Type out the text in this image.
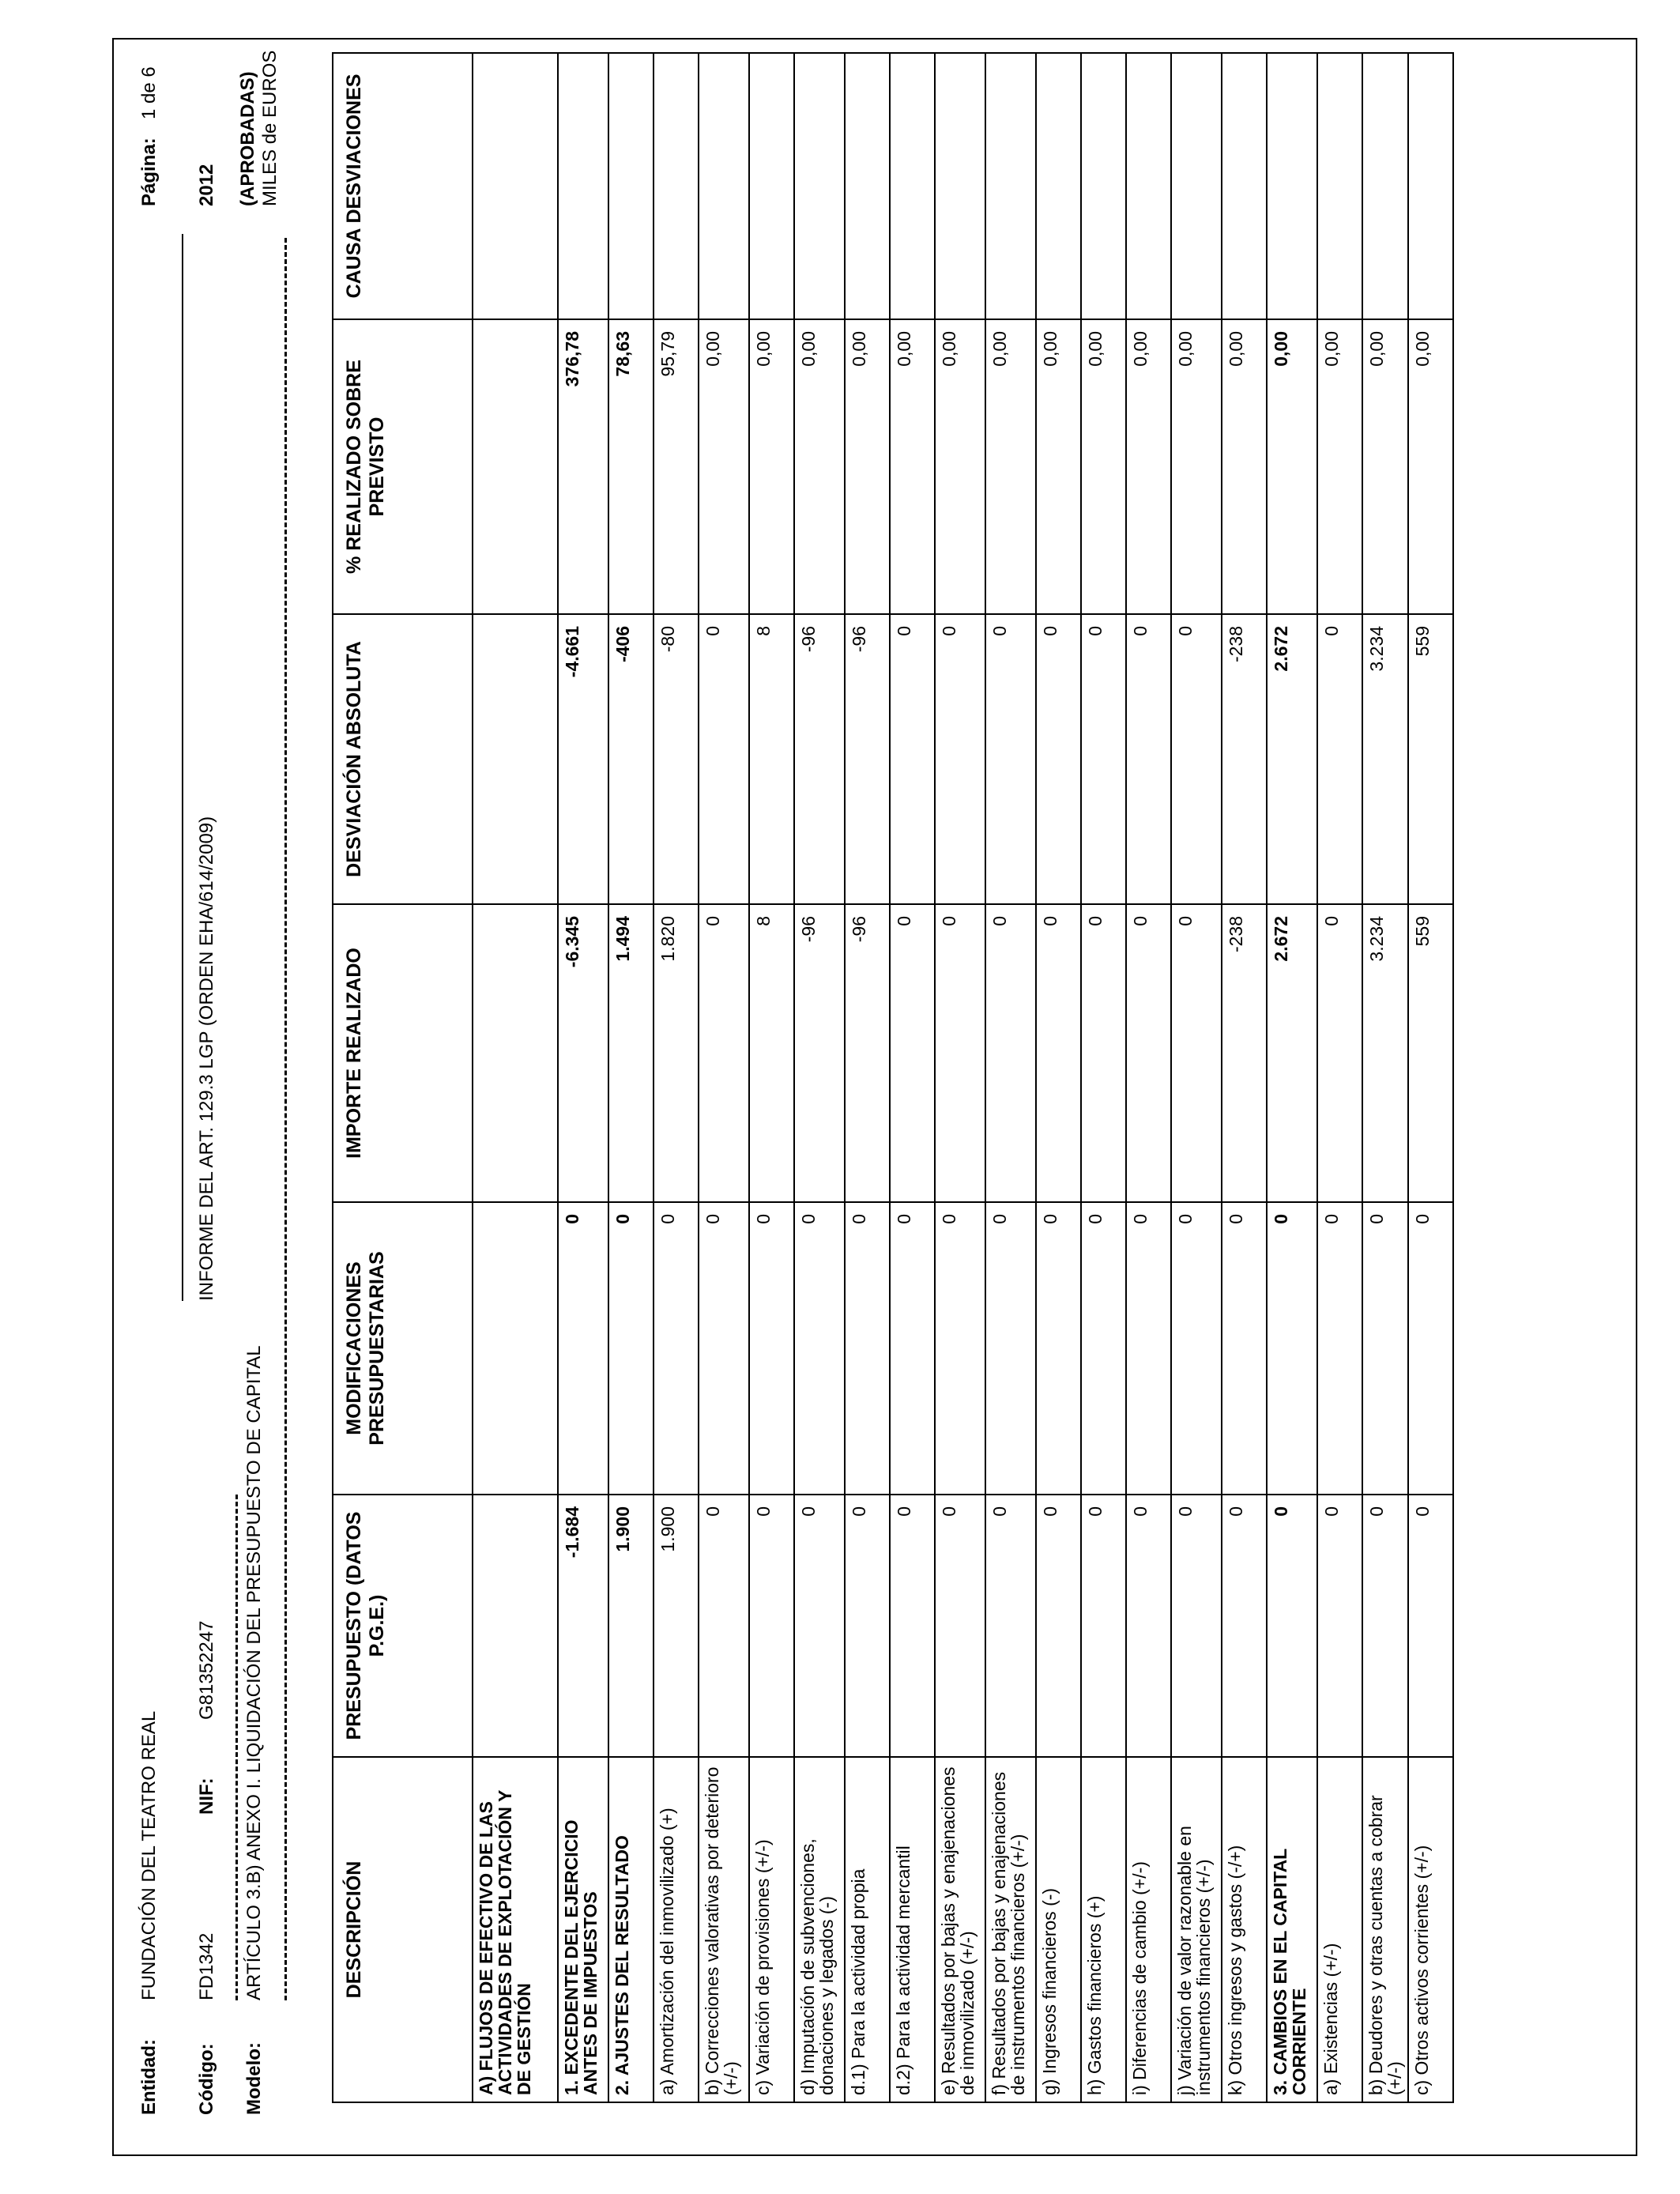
Entidad:
FUNDACIÓN DEL TEATRO REAL
Código:
FD1342
NIF:
G81352247
INFORME DEL ART. 129.3 LGP (ORDEN EHA/614/2009)
Modelo:
ARTÍCULO 3.B) ANEXO I. LIQUIDACIÓN DEL PRESUPUESTO DE CAPITAL
Página:
1 de 6
2012 (APROBADAS) MILES de EUROS
DESCRIPCIÓN	PRESUPUESTO (DATOS P.G.E.)	MODIFICACIONES PRESUPUESTARIAS	IMPORTE REALIZADO	DESVIACIÓN ABSOLUTA	% REALIZADO SOBRE PREVISTO	CAUSA DESVIACIONES
A) FLUJOS DE EFECTIVO DE LAS ACTIVIDADES DE EXPLOTACIÓN Y DE GESTIÓN						
1. EXCEDENTE DEL EJERCICIO ANTES DE IMPUESTOS	-1.684	0	-6.345	-4.661	376,78	
2. AJUSTES DEL RESULTADO	1.900	0	1.494	-406	78,63	
a) Amortización del inmovilizado (+)	1.900	0	1.820	-80	95,79	
b) Correcciones valorativas por deterioro (+/-)	0	0	0	0	0,00	
c) Variación de provisiones (+/-)	0	0	8	8	0,00	
d) Imputación de subvenciones, donaciones y legados (-)	0	0	-96	-96	0,00	
d.1) Para la actividad propia	0	0	-96	-96	0,00	
d.2) Para la actividad mercantil	0	0	0	0	0,00	
e) Resultados por bajas y enajenaciones de inmovilizado (+/-)	0	0	0	0	0,00	
f) Resultados por bajas y enajenaciones de instrumentos financieros (+/-)	0	0	0	0	0,00	
g) Ingresos financieros (-)	0	0	0	0	0,00	
h) Gastos financieros (+)	0	0	0	0	0,00	
i) Diferencias de cambio (+/-)	0	0	0	0	0,00	
j) Variación de valor razonable en instrumentos financieros (+/-)	0	0	0	0	0,00	
k) Otros ingresos y gastos (-/+)	0	0	-238	-238	0,00	
3. CAMBIOS EN EL CAPITAL CORRIENTE	0	0	2.672	2.672	0,00	
a) Existencias (+/-)	0	0	0	0	0,00	
b) Deudores y otras cuentas a cobrar (+/-)	0	0	3.234	3.234	0,00	
c) Otros activos corrientes (+/-)	0	0	559	559	0,00	
